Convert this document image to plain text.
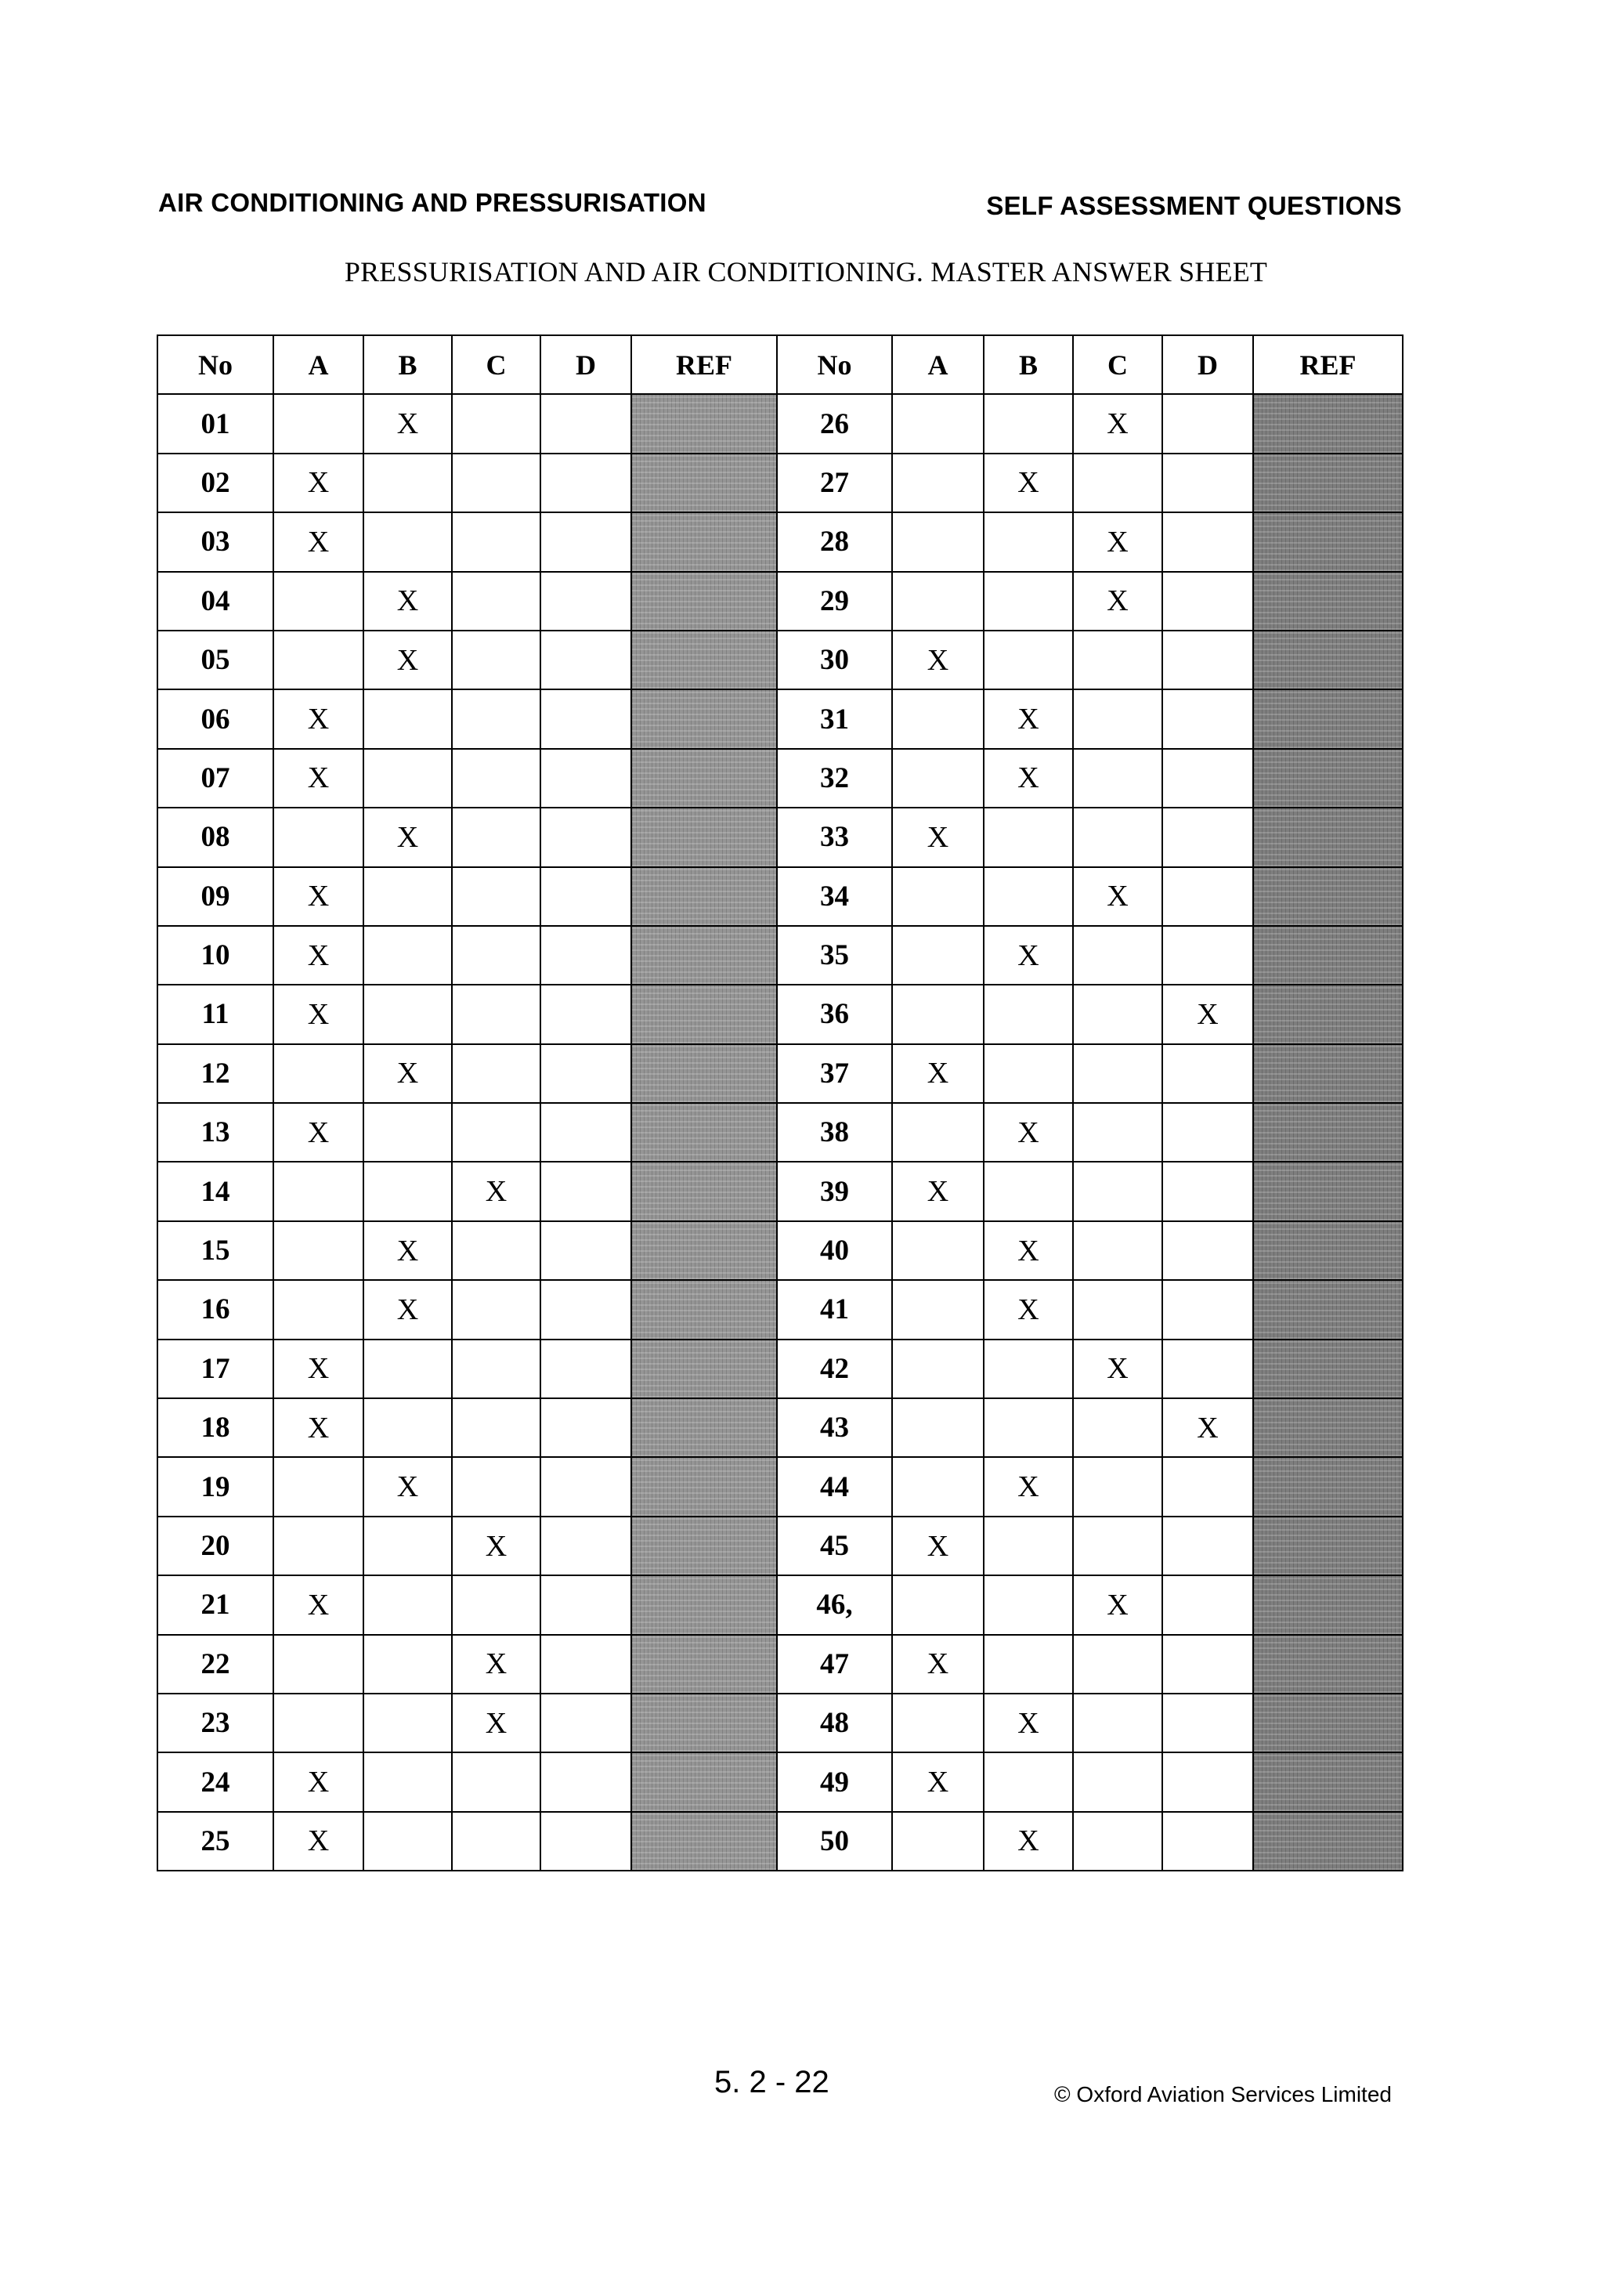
AIR CONDITIONING AND PRESSURISATION	SELF ASSESSMENT QUESTIONS
PRESSURISATION AND AIR CONDITIONING. MASTER ANSWER SHEET
No	A	B	C	D	REF	No	A	B	C	D	REF
01		X				26			X		
02	X					27		X			
03	X					28			X		
04		X				29			X		
05		X				30	X				
06	X					31		X			
07	X					32		X			
08		X				33	X				
09	X					34			X		
10	X					35		X			
11	X					36				X	
12		X				37	X				
13	X					38		X			
14			X			39	X				
15		X				40		X			
16		X				41		X			
17	X					42			X		
18	X					43				X	
19		X				44		X			
20			X			45	X				
21	X					46,			X		
22			X			47	X				
23			X			48		X			
24	X					49	X				
25	X					50		X			
5. 2 - 22	© Oxford Aviation Services Limited
